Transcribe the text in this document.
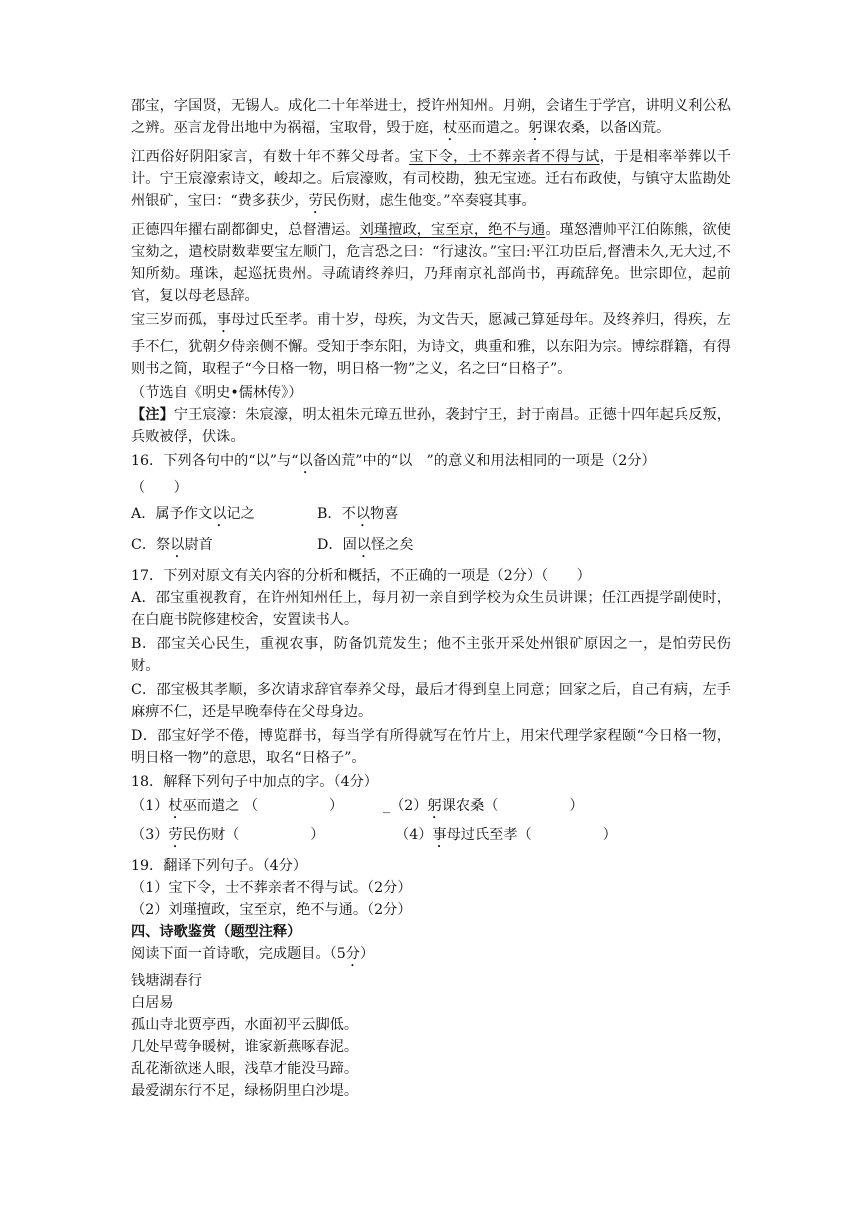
邵宝，字国贤，无锡人。成化二十年举进士，授许州知州。月朔，会诸生于学宫，讲明义利公私之辨。巫言龙骨出地中为祸福，宝取骨，毁于庭，杖巫而遣之。躬课农桑，以备凶荒。

江西俗好阴阳家言，有数十年不葬父母者。宝下令，士不葬亲者不得与试，于是相率举葬以千计。宁王宸濠索诗文，峻却之。后宸濠败，有司校勘，独无宝迹。迁右布政使，与镇守太监勘处州银矿，宝曰：“费多获少，劳民伤财，虑生他变。”卒奏寝其事。

正德四年擢右副都御史，总督漕运。刘瑾擅政，宝至京，绝不与通。瑾怒漕帅平江伯陈熊，欲使宝劾之，遣校尉数辈要宝左顺门，危言恐之曰：“行逮汝。”宝曰:平江功臣后,督漕未久,无大过,不知所劾。瑾诛，起巡抚贵州。寻疏请终养归，乃拜南京礼部尚书，再疏辞免。世宗即位，起前官，复以母老恳辞。

宝三岁而孤，事母过氏至孝。甫十岁，母疾，为文告天，愿减己算延母年。及终养归，得疾，左手不仁，犹朝夕侍亲侧不懈。受知于李东阳，为诗文，典重和雅，以东阳为宗。博综群籍，有得则书之简，取程子“今日格一物，明日格一物”之义，名之曰“日格子”。

（节选自《明史•儒林传》）

【注】宁王宸濠：朱宸濠，明太祖朱元璋五世孙，袭封宁王，封于南昌。正德十四年起兵反叛，兵败被俘，伏诛。

16．下列各句中的“以”与“以备凶荒”中的“以　”的意义和用法相同的一项是（2分）
（　　）

A．属予作文以记之	B．不以物喜
C．祭以尉首	D．固以怪之矣

17．下列对原文有关内容的分析和概括，不正确的一项是（2分）（　　）

A．邵宝重视教育，在许州知州任上，每月初一亲自到学校为众生员讲课；任江西提学副使时，在白鹿书院修建校舍，安置读书人。

B．邵宝关心民生，重视农事，防备饥荒发生；他不主张开采处州银矿原因之一，是怕劳民伤财。

C．邵宝极其孝顺，多次请求辞官奉养父母，最后才得到皇上同意；回家之后，自己有病，左手麻痹不仁，还是早晚奉侍在父母身边。

D．邵宝好学不倦，博览群书，每当学有所得就写在竹片上，用宋代理学家程颐“今日格一物，明日格一物”的意思，取名“日格子”。

18．解释下列句子中加点的字。（4分）

（1）杖巫而遣之 （　　　　　）	_（2）躬课农桑（　　　　　）
（3）劳民伤财（　　　　　）	（4）事母过氏至孝（　　　　　）

19．翻译下列句子。（4分）

（1）宝下令，士不葬亲者不得与试。（2分）

（2）刘瑾擅政，宝至京，绝不与通。（2分）

四、诗歌鉴赏（题型注释）

阅读下面一首诗歌，完成题目。（5分）

钱塘湖春行

白居易

孤山寺北贾亭西，水面初平云脚低。

几处早莺争暖树，谁家新燕啄春泥。

乱花渐欲迷人眼，浅草才能没马蹄。

最爱湖东行不足，绿杨阴里白沙堤。
